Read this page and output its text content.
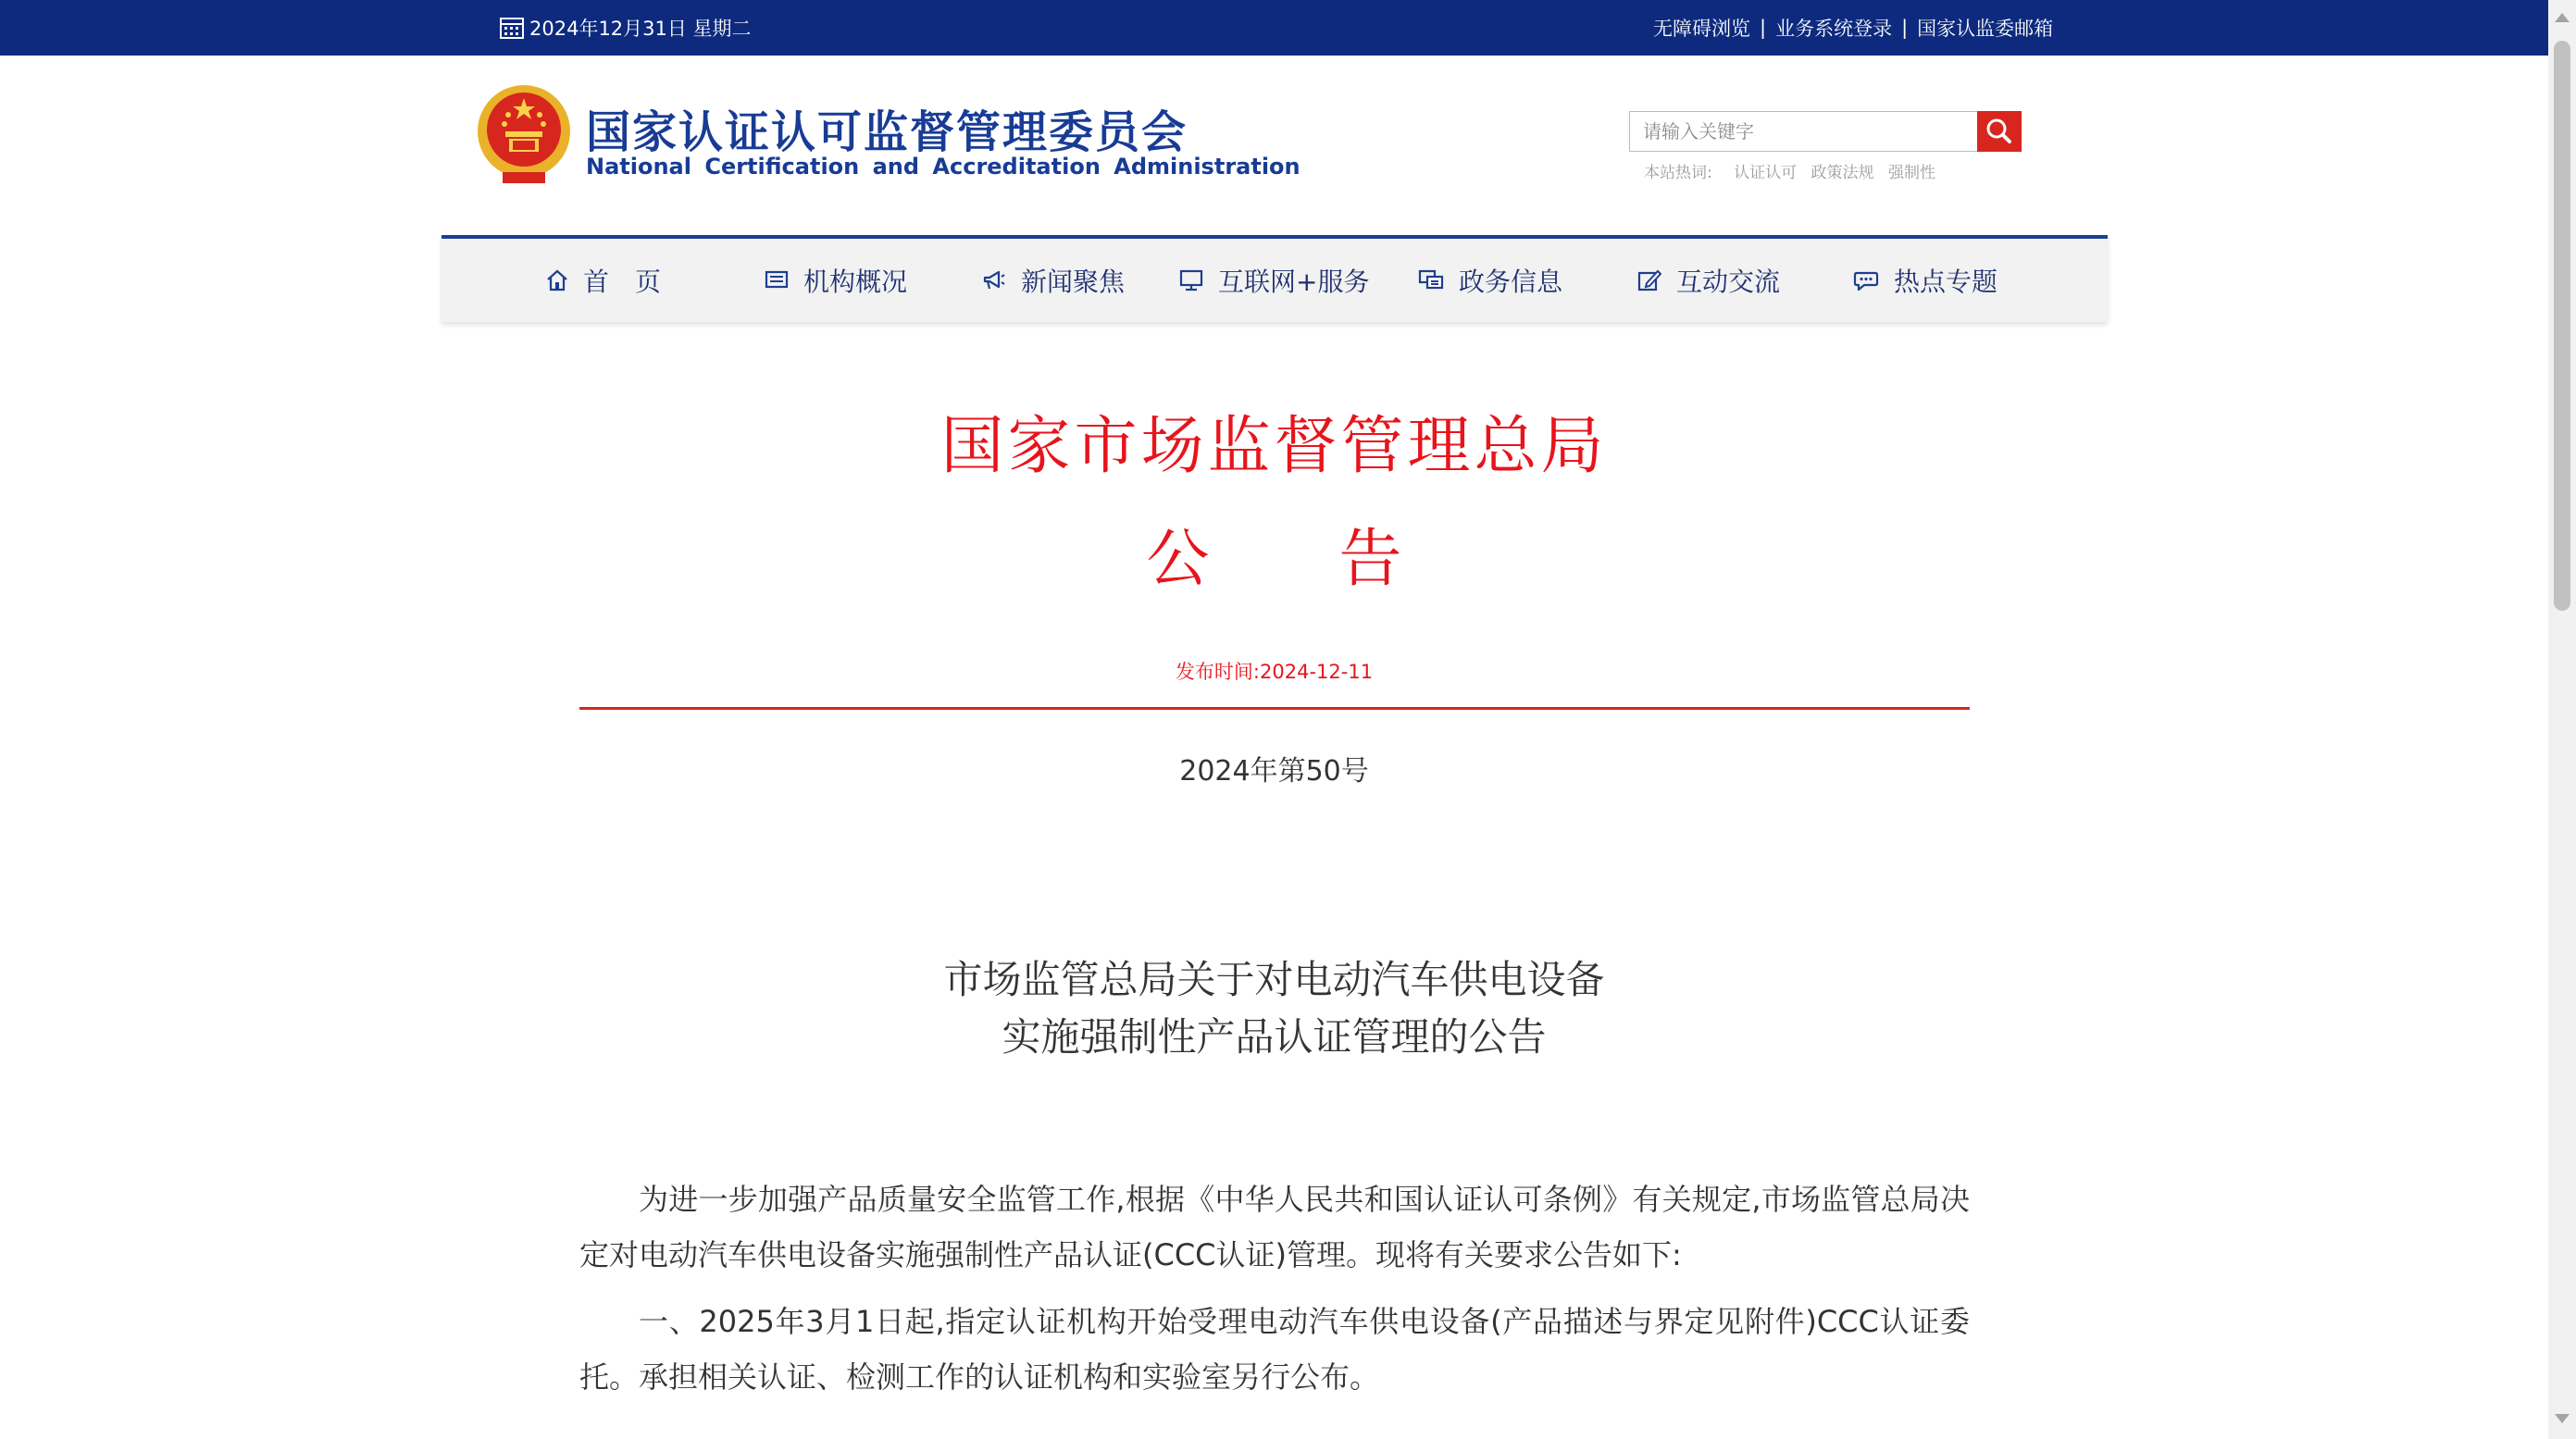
2024年12月31日 星期二	无障碍浏览 | 业务系统登录 | 国家认监委邮箱
国家认证认可监督管理委员会
National Certification and Accreditation Administration
请输入关键字	本站热词: 认证认可 政策法规 强制性
首　页	机构概况	新闻聚焦	互联网+服务	政务信息	互动交流	热点专题
国家市场监督管理总局
公告
发布时间:2024-12-11
2024年第50号
市场监管总局关于对电动汽车供电设备
实施强制性产品认证管理的公告

为进一步加强产品质量安全监管工作,根据《中华人民共和国认证认可条例》有关规定,市场监管总局决定对电动汽车供电设备实施强制性产品认证(CCC认证)管理。现将有关要求公告如下:

一、2025年3月1日起,指定认证机构开始受理电动汽车供电设备(产品描述与界定见附件)CCC认证委托。承担相关认证、检测工作的认证机构和实验室另行公布。
